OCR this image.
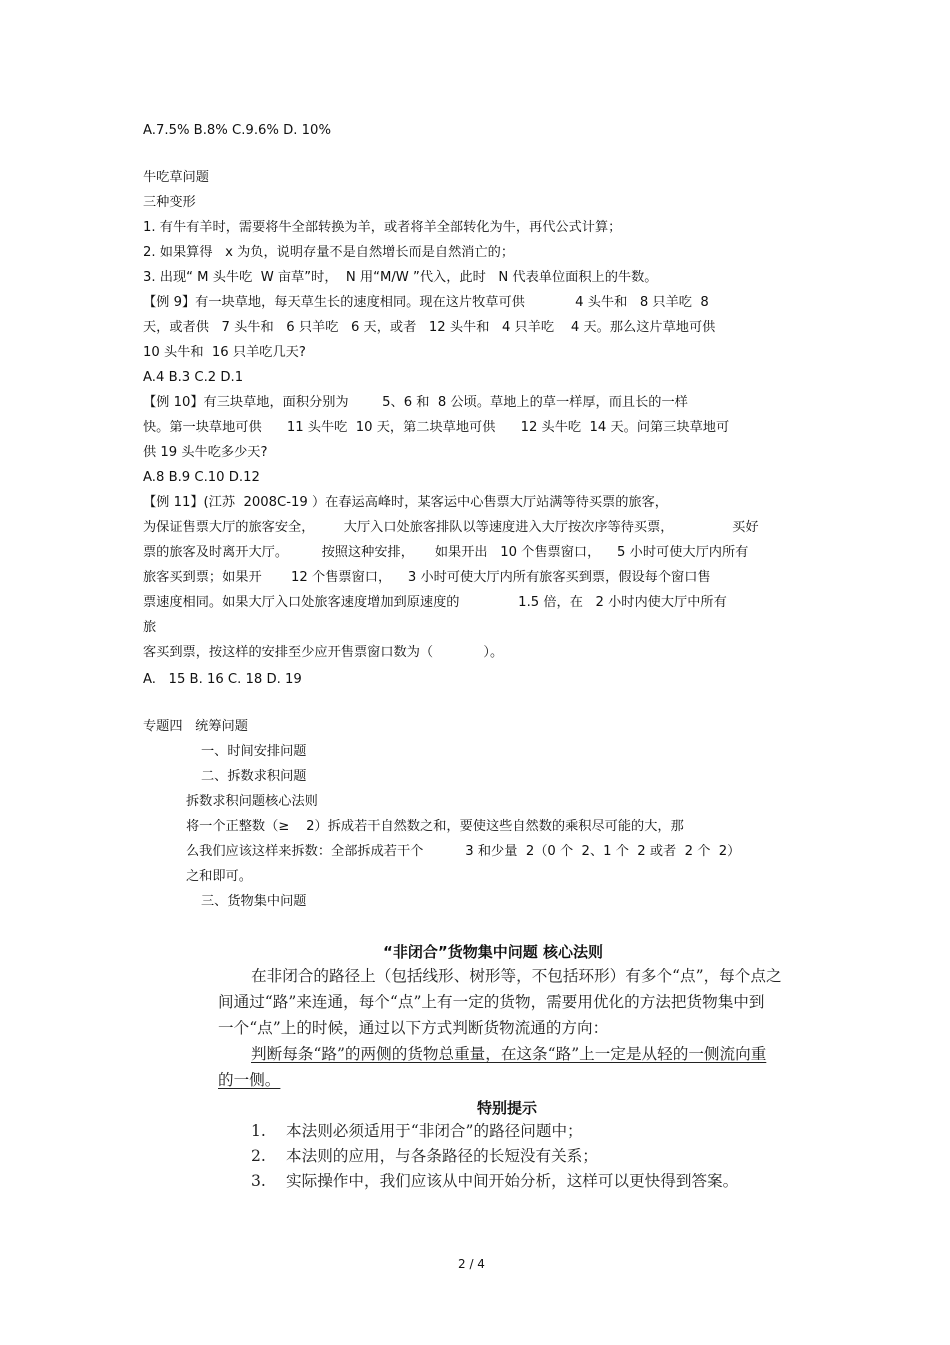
A.7.5% B.8% C.9.6% D. 10%
牛吃草问题
三种变形
1. 有牛有羊时，需要将牛全部转换为羊，或者将羊全部转化为牛，再代公式计算；
2. 如果算得   x 为负，说明存量不是自然增长而是自然消亡的；
3. 出现“ M 头牛吃  W 亩草”时，  N 用“M/W ”代入，此时   N 代表单位面积上的牛数。
【例 9】有一块草地，每天草生长的速度相同。现在这片牧草可供            4 头牛和   8 只羊吃  8
天，或者供   7 头牛和   6 只羊吃   6 天，或者   12 头牛和   4 只羊吃    4 天。那么这片草地可供
10 头牛和  16 只羊吃几天?
A.4 B.3 C.2 D.1
【例 10】有三块草地，面积分别为        5、6 和  8 公顷。草地上的草一样厚，而且长的一样
快。第一块草地可供      11 头牛吃  10 天，第二块草地可供      12 头牛吃  14 天。问第三块草地可
供 19 头牛吃多少天?
A.8 B.9 C.10 D.12
【例 11】(江苏  2008C-19 ）在春运高峰时，某客运中心售票大厅站满等待买票的旅客，
为保证售票大厅的旅客安全，       大厅入口处旅客排队以等速度进入大厅按次序等待买票，              买好
票的旅客及时离开大厅。        按照这种安排，     如果开出   10 个售票窗口，    5 小时可使大厅内所有
旅客买到票；如果开       12 个售票窗口，    3 小时可使大厅内所有旅客买到票，假设每个窗口售
票速度相同。如果大厅入口处旅客速度增加到原速度的              1.5 倍，在   2 小时内使大厅中所有
旅
客买到票，按这样的安排至少应开售票窗口数为（            ）。
A.   15 B. 16 C. 18 D. 19
专题四   统筹问题
一、时间安排问题
二、拆数求积问题
拆数求积问题核心法则
将一个正整数（≥    2）拆成若干自然数之和，要使这些自然数的乘积尽可能的大，那
么我们应该这样来拆数：全部拆成若干个          3 和少量  2（0 个  2、1 个  2 或者  2 个  2）
之和即可。
三、货物集中问题
“非闭合”货物集中问题 核心法则
在非闭合的路径上（包括线形、树形等，不包括环形）有多个“点”，每个点之
间通过“路”来连通，每个“点”上有一定的货物，需要用优化的方法把货物集中到
一个“点”上的时候，通过以下方式判断货物流通的方向：
判断每条“路”的两侧的货物总重量，在这条“路”上一定是从轻的一侧流向重
的一侧。
特别提示
1. 本法则必须适用于“非闭合”的路径问题中；
2. 本法则的应用，与各条路径的长短没有关系；
3. 实际操作中，我们应该从中间开始分析，这样可以更快得到答案。
2 / 4
